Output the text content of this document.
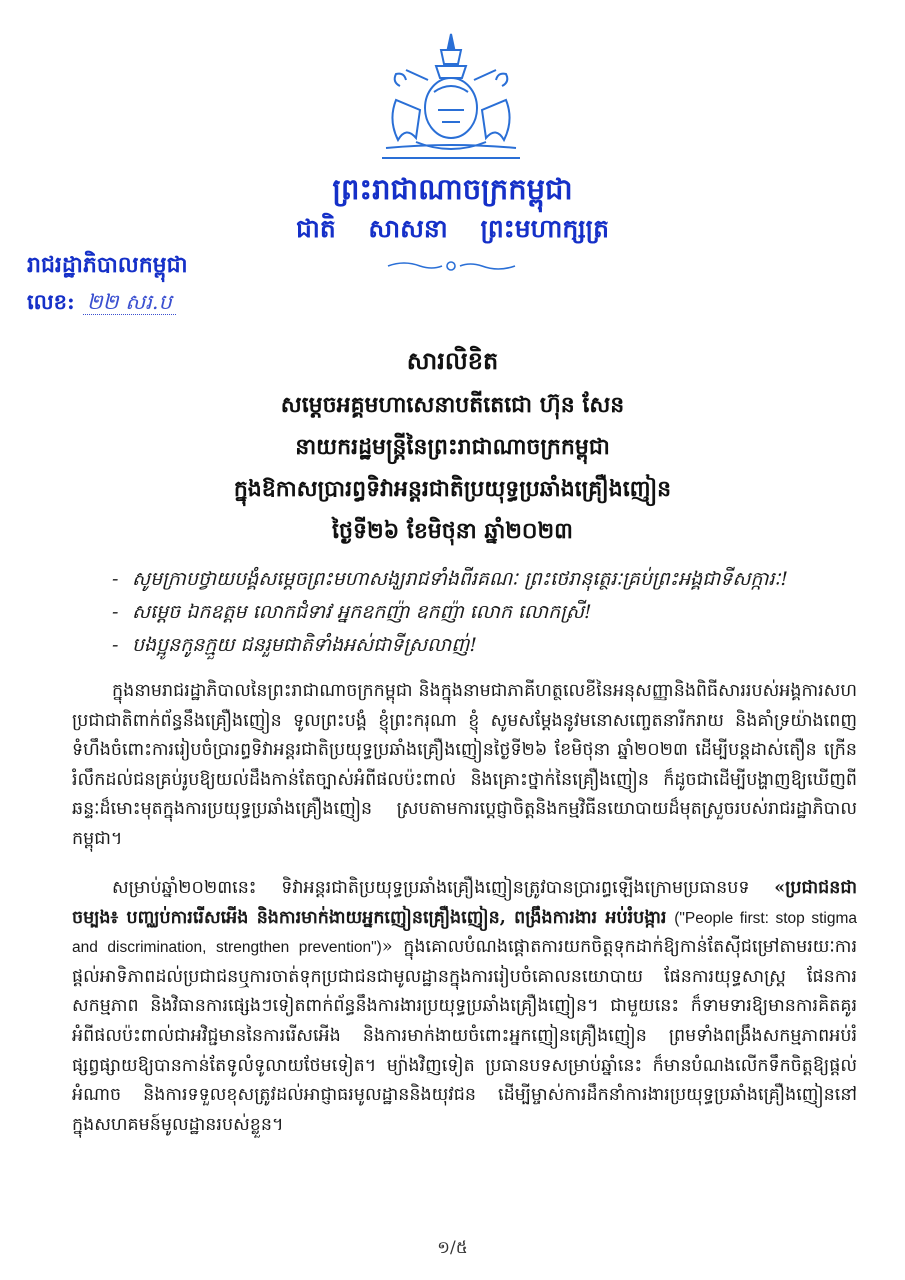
ព្រះរាជាណាចក្រកម្ពុជា
ជាតិ សាសនា ព្រះមហាក្សត្រ
រាជរដ្ឋាភិបាលកម្ពុជា
លេខ: ២២ សរ.ប
សារលិខិត
សម្តេចអគ្គមហាសេនាបតីតេជោ ហ៊ុន សែន
នាយករដ្ឋមន្ត្រីនៃព្រះរាជាណាចក្រកម្ពុជា
ក្នុងឱកាសប្រារព្ធទិវាអន្តរជាតិប្រយុទ្ធប្រឆាំងគ្រឿងញៀន
ថ្ងៃទី២៦ ខែមិថុនា ឆ្នាំ២០២៣
- សូមក្រាបថ្វាយបង្គំសម្តេចព្រះមហាសង្ឃរាជទាំងពីរគណៈ ព្រះថេរានុត្ថេរៈគ្រប់ព្រះអង្គជាទីសក្ការៈ!
- សម្តេច ឯកឧត្តម លោកជំទាវ អ្នកឧកញ៉ា ឧកញ៉ា លោក លោកស្រី!
- បងប្អូនកូនក្មួយ ជនរួមជាតិទាំងអស់ជាទីស្រលាញ់!
ក្នុងនាមរាជរដ្ឋាភិបាលនៃព្រះរាជាណាចក្រកម្ពុជា និងក្នុងនាមជាភាគីហត្ថលេខីនៃអនុសញ្ញានិងពិធីសាររបស់អង្គការសហប្រជាជាតិពាក់ព័ន្ធនឹងគ្រឿងញៀន ទូលព្រះបង្គំ ខ្ញុំព្រះករុណា ខ្ញុំ សូមសម្តែងនូវមនោសញ្ចេតនារីករាយ និងគាំទ្រយ៉ាងពេញទំហឹងចំពោះការរៀបចំប្រារព្ធទិវាអន្តរជាតិប្រយុទ្ធប្រឆាំងគ្រឿងញៀនថ្ងៃទី២៦ ខែមិថុនា ឆ្នាំ២០២៣ ដើម្បីបន្តដាស់តឿន ក្រើនរំលឹកដល់ជនគ្រប់រូបឱ្យយល់ដឹងកាន់តែច្បាស់អំពីផលប៉ះពាល់ និងគ្រោះថ្នាក់នៃគ្រឿងញៀន ក៏ដូចជាដើម្បីបង្ហាញឱ្យឃើញពីឆន្ទៈដ៏មោះមុតក្នុងការប្រយុទ្ធប្រឆាំងគ្រឿងញៀន ស្របតាមការប្តេជ្ញាចិត្តនិងកម្មវិធីនយោបាយដ៏មុតស្រួចរបស់រាជរដ្ឋាភិបាលកម្ពុជា។
សម្រាប់ឆ្នាំ២០២៣នេះ ទិវាអន្តរជាតិប្រយុទ្ធប្រឆាំងគ្រឿងញៀនត្រូវបានប្រារព្ធឡើងក្រោមប្រធានបទ «ប្រជាជនជាចម្បង៖ បញ្ឈប់ការរើសអើង និងការមាក់ងាយអ្នកញៀនគ្រឿងញៀន, ពង្រឹងការងារ អប់រំបង្ការ ("People first: stop stigma and discrimination, strengthen prevention")» ក្នុងគោលបំណងផ្តោតការយកចិត្តទុកដាក់ឱ្យកាន់តែស៊ីជម្រៅតាមរយៈការផ្តល់អាទិភាពដល់ប្រជាជនឬការចាត់ទុកប្រជាជនជាមូលដ្ឋានក្នុងការរៀបចំគោលនយោបាយ ផែនការយុទ្ធសាស្ត្រ ផែនការសកម្មភាព និងវិធានការផ្សេងៗទៀតពាក់ព័ន្ធនឹងការងារប្រយុទ្ធប្រឆាំងគ្រឿងញៀន។ ជាមួយនេះ ក៏ទាមទារឱ្យមានការគិតគូរអំពីផលប៉ះពាល់ជាអវិជ្ជមាននៃការរើសអើង និងការមាក់ងាយចំពោះអ្នកញៀនគ្រឿងញៀន ព្រមទាំងពង្រឹងសកម្មភាពអប់រំផ្សព្វផ្សាយឱ្យបានកាន់តែទូលំទូលាយថែមទៀត។ ម្យ៉ាងវិញទៀត ប្រធានបទសម្រាប់ឆ្នាំនេះ ក៏មានបំណងលើកទឹកចិត្តឱ្យផ្តល់អំណាច និងការទទួលខុសត្រូវដល់អាជ្ញាធរមូលដ្ឋាននិងយុវជន ដើម្បីម្ចាស់ការដឹកនាំការងារប្រយុទ្ធប្រឆាំងគ្រឿងញៀននៅក្នុងសហគមន៍មូលដ្ឋានរបស់ខ្លួន។
១/៥
